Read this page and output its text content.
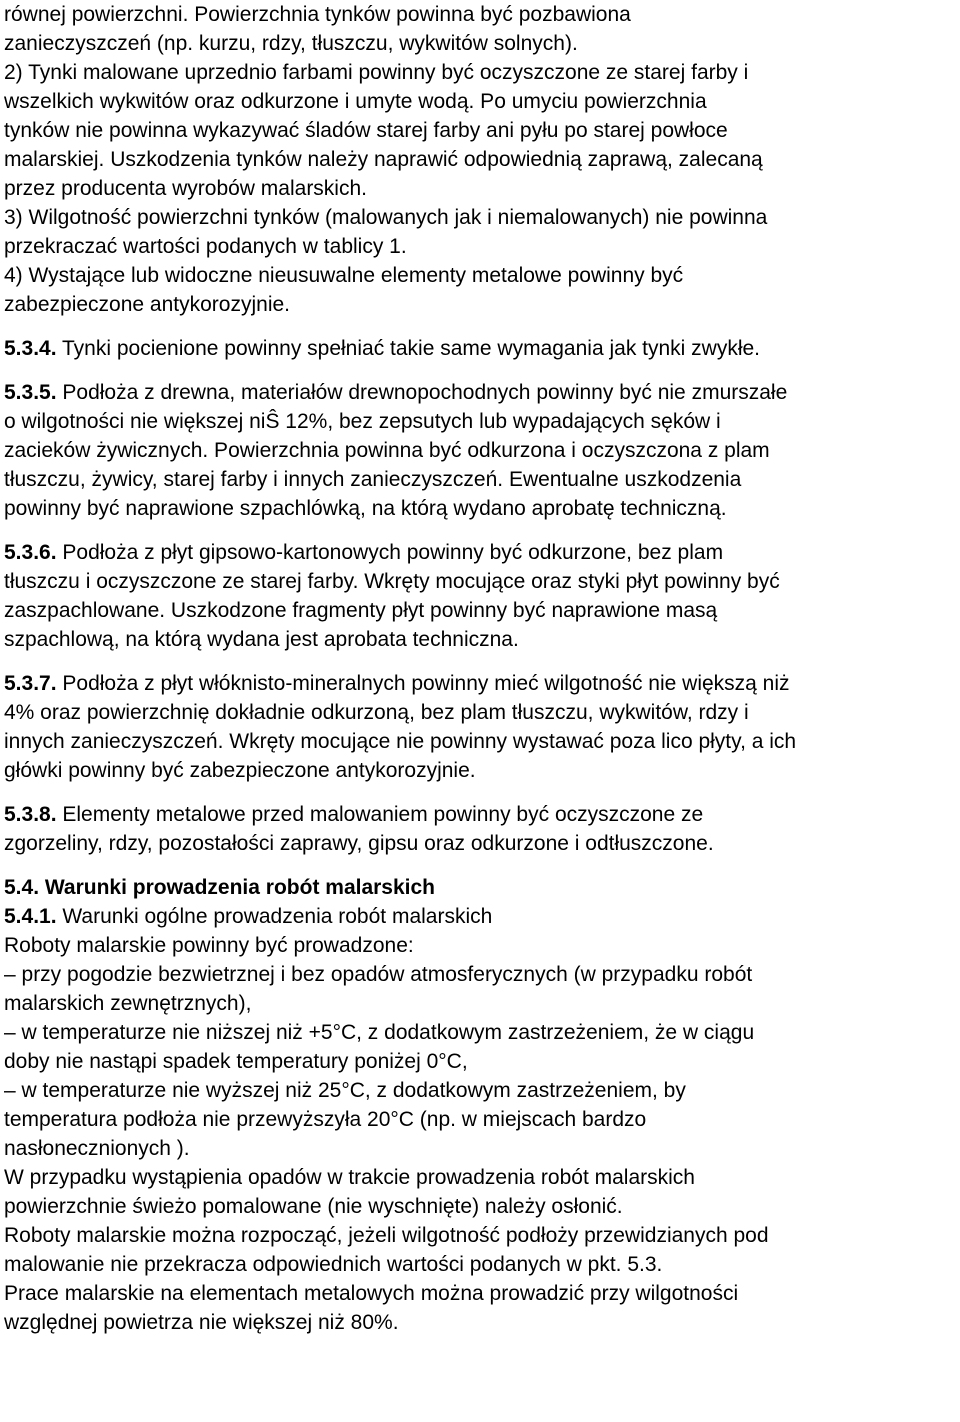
równej powierzchni. Powierzchnia tynków powinna być pozbawiona
zanieczyszczeń (np. kurzu, rdzy, tłuszczu, wykwitów solnych).
2) Tynki malowane uprzednio farbami powinny być oczyszczone ze starej farby i
wszelkich wykwitów oraz odkurzone i umyte wodą. Po umyciu powierzchnia
tynków nie powinna wykazywać śladów starej farby ani pyłu po starej powłoce
malarskiej. Uszkodzenia tynków należy naprawić odpowiednią zaprawą, zalecaną
przez producenta wyrobów malarskich.
3) Wilgotność powierzchni tynków (malowanych jak i niemalowanych) nie powinna
przekraczać wartości podanych w tablicy 1.
4) Wystające lub widoczne nieusuwalne elementy metalowe powinny być
zabezpieczone antykorozyjnie.
5.3.4. Tynki pocienione powinny spełniać takie same wymagania jak tynki zwykłe.
5.3.5. Podłoża z drewna, materiałów drewnopochodnych powinny być nie zmurszałe
o wilgotności nie większej niŜ 12%, bez zepsutych lub wypadających sęków i
zacieków żywicznych. Powierzchnia powinna być odkurzona i oczyszczona z plam
tłuszczu, żywicy, starej farby i innych zanieczyszczeń. Ewentualne uszkodzenia
powinny być naprawione szpachlówką, na którą wydano aprobatę techniczną.
5.3.6. Podłoża z płyt gipsowo-kartonowych powinny być odkurzone, bez plam
tłuszczu i oczyszczone ze starej farby. Wkręty mocujące oraz styki płyt powinny być
zaszpachlowane. Uszkodzone fragmenty płyt powinny być naprawione masą
szpachlową, na którą wydana jest aprobata techniczna.
5.3.7. Podłoża z płyt włóknisto-mineralnych powinny mieć wilgotność nie większą niż
4% oraz powierzchnię dokładnie odkurzoną, bez plam tłuszczu, wykwitów, rdzy i
innych zanieczyszczeń. Wkręty mocujące nie powinny wystawać poza lico płyty, a ich
główki powinny być zabezpieczone antykorozyjnie.
5.3.8. Elementy metalowe przed malowaniem powinny być oczyszczone ze
zgorzeliny, rdzy, pozostałości zaprawy, gipsu oraz odkurzone i odtłuszczone.
5.4. Warunki prowadzenia robót malarskich
5.4.1. Warunki ogólne prowadzenia robót malarskich
Roboty malarskie powinny być prowadzone:
– przy pogodzie bezwietrznej i bez opadów atmosferycznych (w przypadku robót
malarskich zewnętrznych),
– w temperaturze nie niższej niż +5°C, z dodatkowym zastrzeżeniem, że w ciągu
doby nie nastąpi spadek temperatury poniżej 0°C,
– w temperaturze nie wyższej niż 25°C, z dodatkowym zastrzeżeniem, by
temperatura podłoża nie przewyższyła 20°C (np. w miejscach bardzo
nasłonecznionych ).
W przypadku wystąpienia opadów w trakcie prowadzenia robót malarskich
powierzchnie świeżo pomalowane (nie wyschnięte) należy osłonić.
Roboty malarskie można rozpocząć, jeżeli wilgotność podłoży przewidzianych pod
malowanie nie przekracza odpowiednich wartości podanych w pkt. 5.3.
Prace malarskie na elementach metalowych można prowadzić przy wilgotności
względnej powietrza nie większej niż 80%.
